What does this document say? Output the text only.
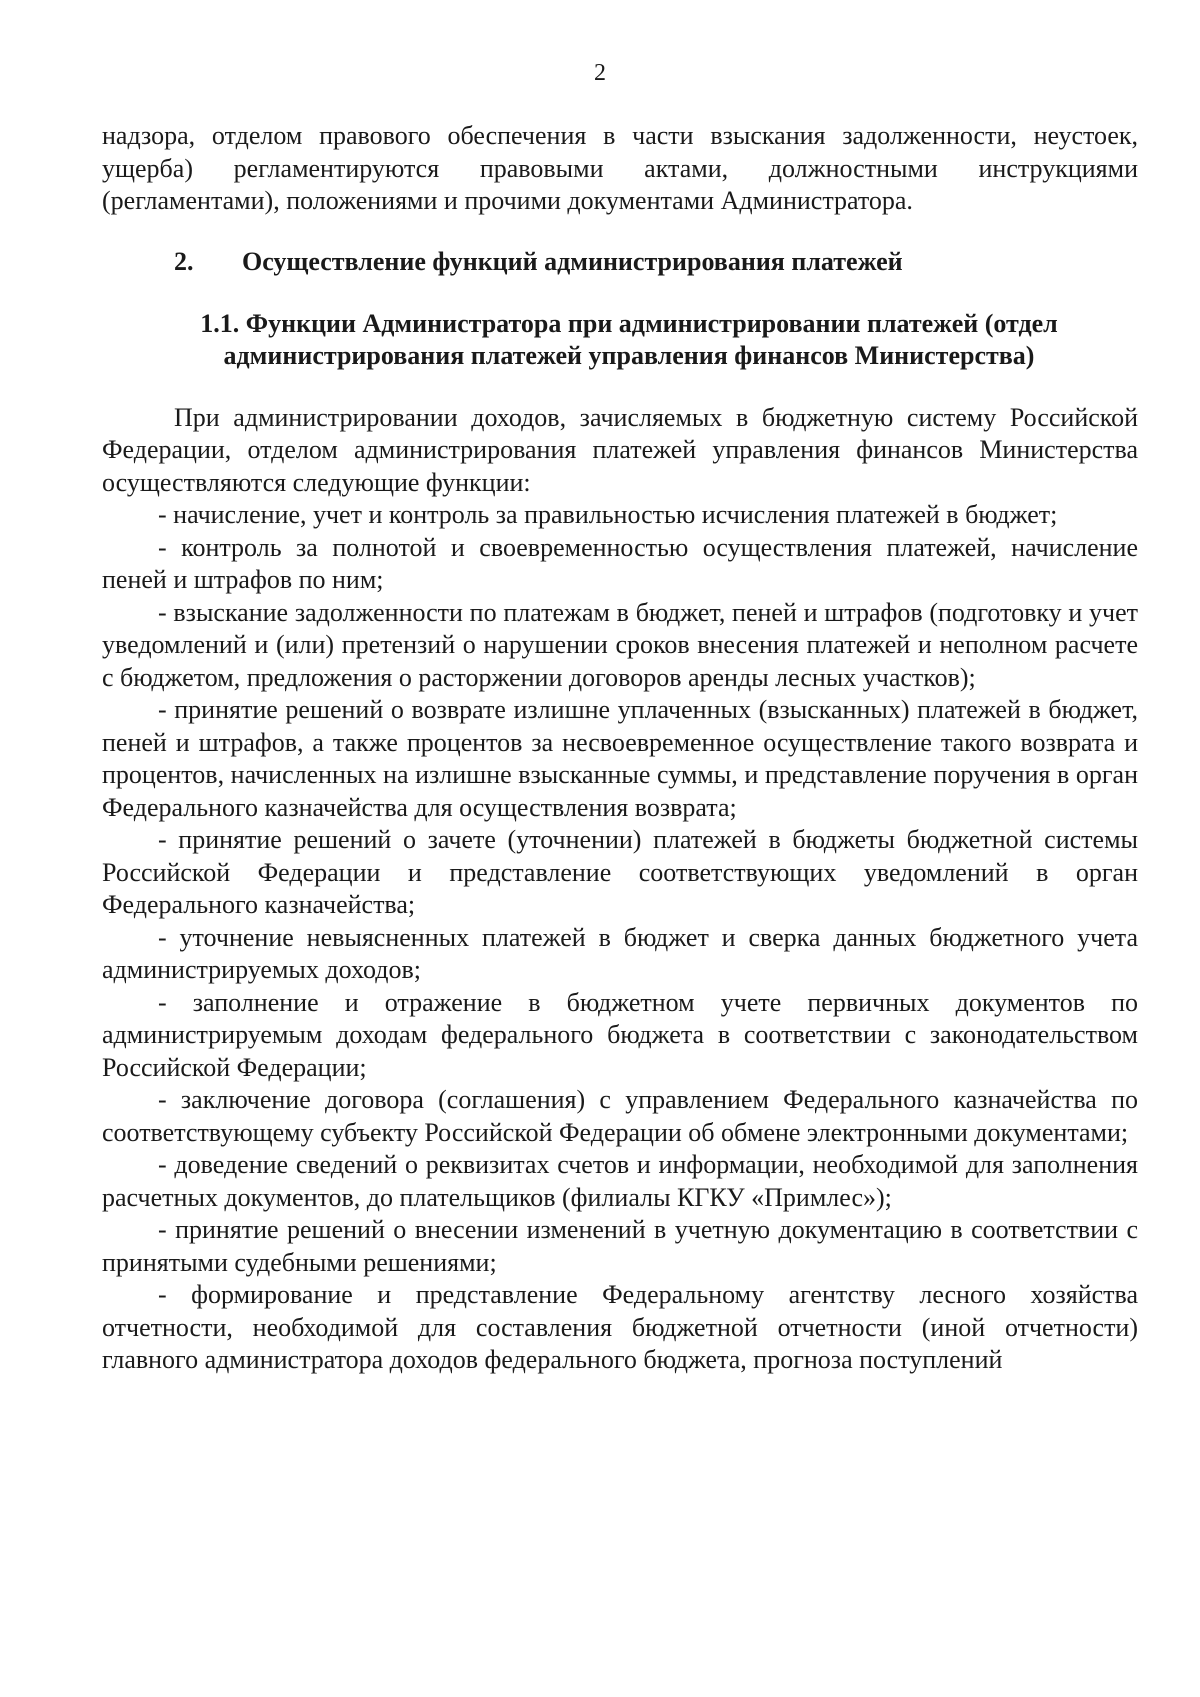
2

надзора, отделом правового обеспечения в части взыскания задолженности, неустоек, ущерба) регламентируются правовыми актами, должностными инструкциями (регламентами), положениями и прочими документами Администратора.

2. Осуществление функций администрирования платежей
1.1. Функции Администратора при администрировании платежей (отдел администрирования платежей управления финансов Министерства)

При администрировании доходов, зачисляемых в бюджетную систему Российской Федерации, отделом администрирования платежей управления финансов Министерства осуществляются следующие функции:

- начисление, учет и контроль за правильностью исчисления платежей в бюджет;

- контроль за полнотой и своевременностью осуществления платежей, начисление пеней и штрафов по ним;

- взыскание задолженности по платежам в бюджет, пеней и штрафов (подготовку и учет уведомлений и (или) претензий о нарушении сроков внесения платежей и неполном расчете с бюджетом, предложения о расторжении договоров аренды лесных участков);

- принятие решений о возврате излишне уплаченных (взысканных) платежей в бюджет, пеней и штрафов, а также процентов за несвоевременное осуществление такого возврата и процентов, начисленных на излишне взысканные суммы, и представление поручения в орган Федерального казначейства для осуществления возврата;

- принятие решений о зачете (уточнении) платежей в бюджеты бюджетной системы Российской Федерации и представление соответствующих уведомлений в орган Федерального казначейства;

- уточнение невыясненных платежей в бюджет и сверка данных бюджетного учета администрируемых доходов;

- заполнение и отражение в бюджетном учете первичных документов по администрируемым доходам федерального бюджета в соответствии с законодательством Российской Федерации;

- заключение договора (соглашения) с управлением Федерального казначейства по соответствующему субъекту Российской Федерации об обмене электронными документами;

- доведение сведений о реквизитах счетов и информации, необходимой для заполнения расчетных документов, до плательщиков (филиалы КГКУ «Примлес»);

- принятие решений о внесении изменений в учетную документацию в соответствии с принятыми судебными решениями;

- формирование и представление Федеральному агентству лесного хозяйства отчетности, необходимой для составления бюджетной отчетности (иной отчетности) главного администратора доходов федерального бюджета, прогноза поступлений
